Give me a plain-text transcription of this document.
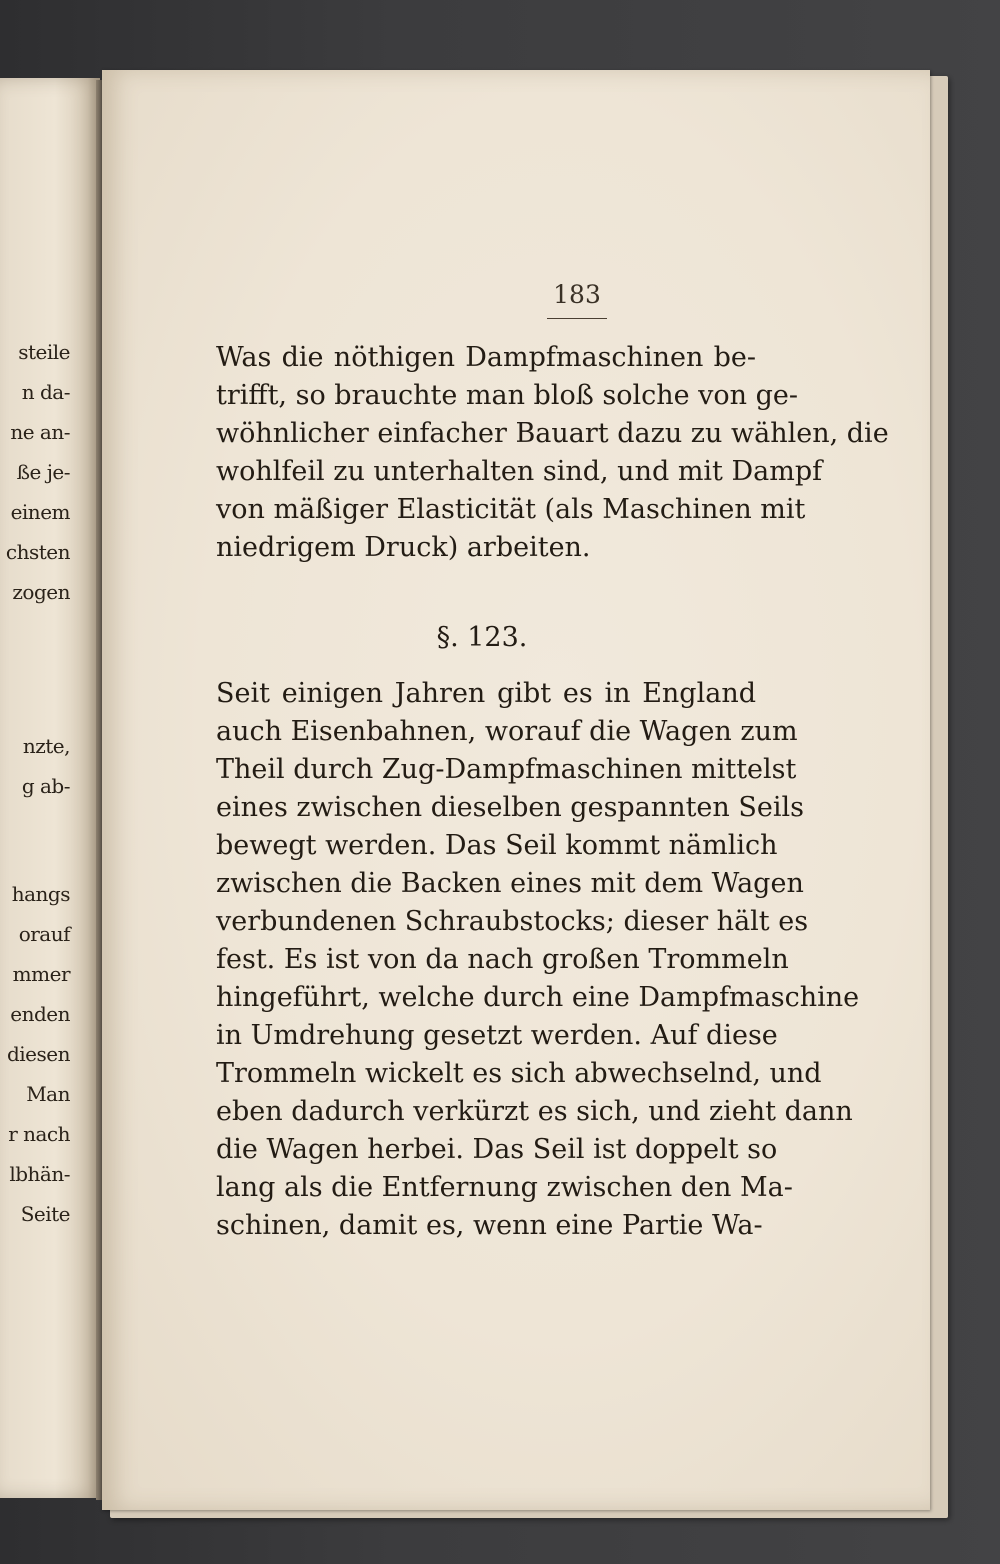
steile
n da-
ne an-
ße je-
einem
chsten
zogen
nzte,
g ab-
hangs
orauf
mmer
enden
diesen
Man
r nach
lbhän-
Seite
183
Was die nöthigen Dampfmaschinen be-
trifft, so brauchte man bloß solche von ge-
wöhnlicher einfacher Bauart dazu zu wählen, die
wohlfeil zu unterhalten sind, und mit Dampf
von mäßiger Elasticität (als Maschinen mit
niedrigem Druck) arbeiten.
§. 123.
Seit einigen Jahren gibt es in England
auch Eisenbahnen, worauf die Wagen zum
Theil durch Zug-Dampfmaschinen mittelst
eines zwischen dieselben gespannten Seils
bewegt werden. Das Seil kommt nämlich
zwischen die Backen eines mit dem Wagen
verbundenen Schraubstocks; dieser hält es
fest. Es ist von da nach großen Trommeln
hingeführt, welche durch eine Dampfmaschine
in Umdrehung gesetzt werden. Auf diese
Trommeln wickelt es sich abwechselnd, und
eben dadurch verkürzt es sich, und zieht dann
die Wagen herbei. Das Seil ist doppelt so
lang als die Entfernung zwischen den Ma-
schinen, damit es, wenn eine Partie Wa-
